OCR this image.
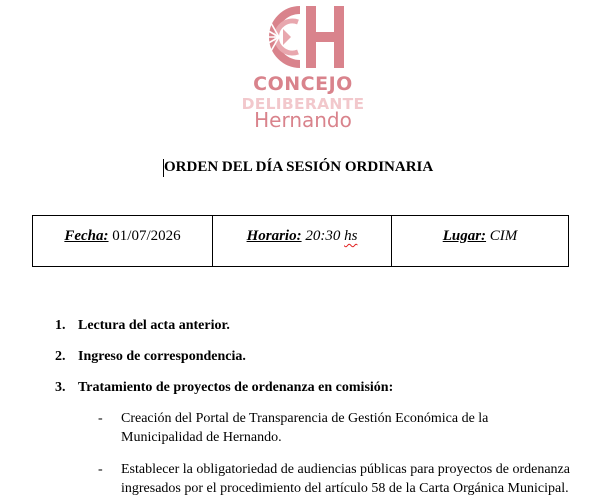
CONCEJO
DELIBERANTE
Hernando
ORDEN DEL DÍA SESIÓN ORDINARIA
Fecha: 01/07/2026	Horario: 20:30 hs	Lugar: CIM
1. Lectura del acta anterior.
2. Ingreso de correspondencia.
3. Tratamiento de proyectos de ordenanza en comisión:
- Creación del Portal de Transparencia de Gestión Económica de la
Municipalidad de Hernando.
- Establecer la obligatoriedad de audiencias públicas para proyectos de ordenanza
ingresados por el procedimiento del artículo 58 de la Carta Orgánica Municipal.
